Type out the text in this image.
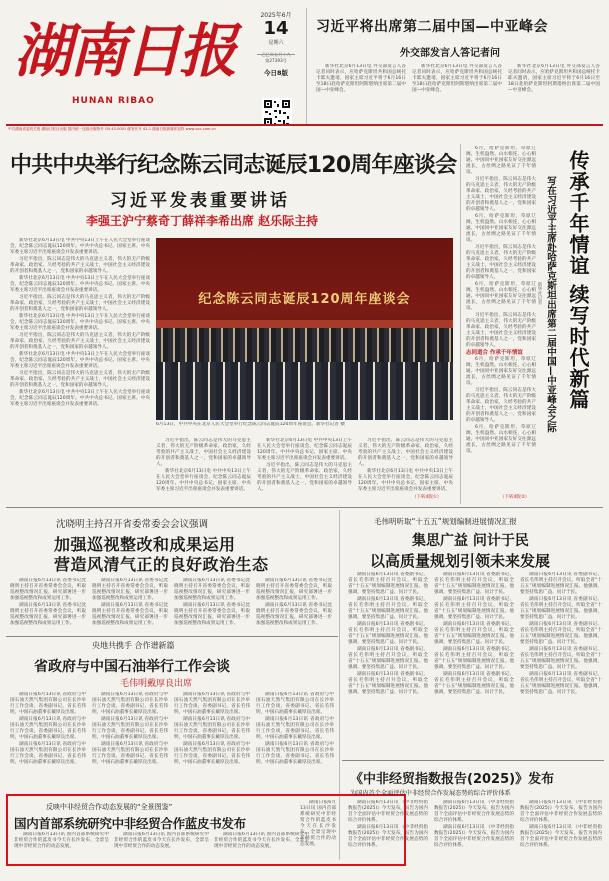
湖南日报
HUNAN RIBAO
2025年6月
14
星期六
第27393号
今日8版
习近平将出席第二届中国—中亚峰会
外交部发言人答记者问

新华社北京6月13日电 外交部发言人答记者问时表示，应哈萨克斯坦共和国总统托卡耶夫邀请，国家主席习近平将于6月16日至18日赴哈萨克斯坦阿斯塔纳出席第二届中国—中亚峰会。

新华社北京6月13日电 外交部发言人答记者问时表示，应哈萨克斯坦共和国总统托卡耶夫邀请，国家主席习近平将于6月16日至18日赴哈萨克斯坦阿斯塔纳出席第二届中国—中亚峰会。

新华社北京6月13日电 外交部发言人答记者问时表示，应哈萨克斯坦共和国总统托卡耶夫邀请，国家主席习近平将于6月16日至18日赴哈萨克斯坦阿斯塔纳出席第二届中国—中亚峰会。

中共湖南省委机关报 湖南日报社出版 国内统一连续出版物号 CN 43-0001 邮发代号 41-1 湖南日报新媒体矩阵 www.voc.com.cn
中共中央举行纪念陈云同志诞辰120周年座谈会
习近平发表重要讲话
李强王沪宁蔡奇丁薛祥李希出席 赵乐际主持

新华社北京6月13日电 中共中央13日上午在人民大会堂举行座谈会，纪念陈云同志诞辰120周年。中共中央总书记、国家主席、中央军委主席习近平出席座谈会并发表重要讲话。

习近平指出，陈云同志是伟大的马克思主义者，伟大的无产阶级革命家、政治家，久经考验的共产主义战士，中国社会主义经济建设的开创者和奠基人之一，党和国家的卓越领导人。

新华社北京6月13日电 中共中央13日上午在人民大会堂举行座谈会，纪念陈云同志诞辰120周年。中共中央总书记、国家主席、中央军委主席习近平出席座谈会并发表重要讲话。

习近平指出，陈云同志是伟大的马克思主义者，伟大的无产阶级革命家、政治家，久经考验的共产主义战士，中国社会主义经济建设的开创者和奠基人之一，党和国家的卓越领导人。

新华社北京6月13日电 中共中央13日上午在人民大会堂举行座谈会，纪念陈云同志诞辰120周年。中共中央总书记、国家主席、中央军委主席习近平出席座谈会并发表重要讲话。

习近平指出，陈云同志是伟大的马克思主义者，伟大的无产阶级革命家、政治家，久经考验的共产主义战士，中国社会主义经济建设的开创者和奠基人之一，党和国家的卓越领导人。

新华社北京6月13日电 中共中央13日上午在人民大会堂举行座谈会，纪念陈云同志诞辰120周年。中共中央总书记、国家主席、中央军委主席习近平出席座谈会并发表重要讲话。

习近平指出，陈云同志是伟大的马克思主义者，伟大的无产阶级革命家、政治家，久经考验的共产主义战士，中国社会主义经济建设的开创者和奠基人之一，党和国家的卓越领导人。

新华社北京6月13日电 中共中央13日上午在人民大会堂举行座谈会，纪念陈云同志诞辰120周年。中共中央总书记、国家主席、中央军委主席习近平出席座谈会并发表重要讲话。

纪念陈云同志诞辰120周年座谈会
6月13日，中共中央在北京人民大会堂举行纪念陈云同志诞辰120周年座谈会。新华社记者 摄

习近平指出，陈云同志是伟大的马克思主义者，伟大的无产阶级革命家、政治家，久经考验的共产主义战士，中国社会主义经济建设的开创者和奠基人之一，党和国家的卓越领导人。

新华社北京6月13日电 中共中央13日上午在人民大会堂举行座谈会，纪念陈云同志诞辰120周年。中共中央总书记、国家主席、中央军委主席习近平出席座谈会并发表重要讲话。

新华社北京6月13日电 中共中央13日上午在人民大会堂举行座谈会，纪念陈云同志诞辰120周年。中共中央总书记、国家主席、中央军委主席习近平出席座谈会并发表重要讲话。

习近平指出，陈云同志是伟大的马克思主义者，伟大的无产阶级革命家、政治家，久经考验的共产主义战士，中国社会主义经济建设的开创者和奠基人之一，党和国家的卓越领导人。

习近平指出，陈云同志是伟大的马克思主义者，伟大的无产阶级革命家、政治家，久经考验的共产主义战士，中国社会主义经济建设的开创者和奠基人之一，党和国家的卓越领导人。

新华社北京6月13日电 中共中央13日上午在人民大会堂举行座谈会，纪念陈云同志诞辰120周年。中共中央总书记、国家主席、中央军委主席习近平出席座谈会并发表重要讲话。

（下转4版①）

6月，哈萨克斯坦，草原辽阔，生机盎然。山水相连，心心相通。中国同中亚国家友好交往源远流长，古丝绸之路见证了千年情谊。

习近平指出，陈云同志是伟大的马克思主义者，伟大的无产阶级革命家、政治家，久经考验的共产主义战士，中国社会主义经济建设的开创者和奠基人之一，党和国家的卓越领导人。

6月，哈萨克斯坦，草原辽阔，生机盎然。山水相连，心心相通。中国同中亚国家友好交往源远流长，古丝绸之路见证了千年情谊。

习近平指出，陈云同志是伟大的马克思主义者，伟大的无产阶级革命家、政治家，久经考验的共产主义战士，中国社会主义经济建设的开创者和奠基人之一，党和国家的卓越领导人。

6月，哈萨克斯坦，草原辽阔，生机盎然。山水相连，心心相通。中国同中亚国家友好交往源远流长，古丝绸之路见证了千年情谊。

习近平指出，陈云同志是伟大的马克思主义者，伟大的无产阶级革命家、政治家，久经考验的共产主义战士，中国社会主义经济建设的开创者和奠基人之一，党和国家的卓越领导人。

志同道合 作承千年情谊

6月，哈萨克斯坦，草原辽阔，生机盎然。山水相连，心心相通。中国同中亚国家友好交往源远流长，古丝绸之路见证了千年情谊。

习近平指出，陈云同志是伟大的马克思主义者，伟大的无产阶级革命家、政治家，久经考验的共产主义战士，中国社会主义经济建设的开创者和奠基人之一，党和国家的卓越领导人。

6月，哈萨克斯坦，草原辽阔，生机盎然。山水相连，心心相通。中国同中亚国家友好交往源远流长，古丝绸之路见证了千年情谊。

（下转4版②）
传承千年情谊 续写时代新篇
写在习近平主席赴哈萨克斯坦出席第二届中国—中亚峰会之际
新华社记者
沈晓明主持召开省委常委会会议强调
加强巡视整改和成果运用
营造风清气正的良好政治生态

湖南日报6月13日讯 省委书记沈晓明主持召开省委常委会会议，听取巡视整改情况汇报，研究部署进一步加强巡视整改和成果运用工作。

湖南日报6月13日讯 省委书记沈晓明主持召开省委常委会会议，听取巡视整改情况汇报，研究部署进一步加强巡视整改和成果运用工作。

湖南日报6月13日讯 省委书记沈晓明主持召开省委常委会会议，听取巡视整改情况汇报，研究部署进一步加强巡视整改和成果运用工作。

湖南日报6月13日讯 省委书记沈晓明主持召开省委常委会会议，听取巡视整改情况汇报，研究部署进一步加强巡视整改和成果运用工作。

湖南日报6月13日讯 省委书记沈晓明主持召开省委常委会会议，听取巡视整改情况汇报，研究部署进一步加强巡视整改和成果运用工作。

湖南日报6月13日讯 省委书记沈晓明主持召开省委常委会会议，听取巡视整改情况汇报，研究部署进一步加强巡视整改和成果运用工作。

湖南日报6月13日讯 省委书记沈晓明主持召开省委常委会会议，听取巡视整改情况汇报，研究部署进一步加强巡视整改和成果运用工作。

湖南日报6月13日讯 省委书记沈晓明主持召开省委常委会会议，听取巡视整改情况汇报，研究部署进一步加强巡视整改和成果运用工作。

毛伟明听取“十五五”规划编制进展情况汇报
集思广益 问计于民
以高质量规划引领未来发展

湖南日报6月13日讯 省委副书记、省长毛伟明主持召开会议，听取全省“十五五”规划编制进展情况汇报。他强调，要坚持集思广益、问计于民。

湖南日报6月13日讯 省委副书记、省长毛伟明主持召开会议，听取全省“十五五”规划编制进展情况汇报。他强调，要坚持集思广益、问计于民。

湖南日报6月13日讯 省委副书记、省长毛伟明主持召开会议，听取全省“十五五”规划编制进展情况汇报。他强调，要坚持集思广益、问计于民。

湖南日报6月13日讯 省委副书记、省长毛伟明主持召开会议，听取全省“十五五”规划编制进展情况汇报。他强调，要坚持集思广益、问计于民。

湖南日报6月13日讯 省委副书记、省长毛伟明主持召开会议，听取全省“十五五”规划编制进展情况汇报。他强调，要坚持集思广益、问计于民。

湖南日报6月13日讯 省委副书记、省长毛伟明主持召开会议，听取全省“十五五”规划编制进展情况汇报。他强调，要坚持集思广益、问计于民。

湖南日报6月13日讯 省委副书记、省长毛伟明主持召开会议，听取全省“十五五”规划编制进展情况汇报。他强调，要坚持集思广益、问计于民。

湖南日报6月13日讯 省委副书记、省长毛伟明主持召开会议，听取全省“十五五”规划编制进展情况汇报。他强调，要坚持集思广益、问计于民。

湖南日报6月13日讯 省委副书记、省长毛伟明主持召开会议，听取全省“十五五”规划编制进展情况汇报。他强调，要坚持集思广益、问计于民。

湖南日报6月13日讯 省委副书记、省长毛伟明主持召开会议，听取全省“十五五”规划编制进展情况汇报。他强调，要坚持集思广益、问计于民。

湖南日报6月13日讯 省委副书记、省长毛伟明主持召开会议，听取全省“十五五”规划编制进展情况汇报。他强调，要坚持集思广益、问计于民。

湖南日报6月13日讯 省委副书记、省长毛伟明主持召开会议，听取全省“十五五”规划编制进展情况汇报。他强调，要坚持集思广益、问计于民。

湖南日报6月13日讯 省委副书记、省长毛伟明主持召开会议，听取全省“十五五”规划编制进展情况汇报。他强调，要坚持集思广益、问计于民。

湖南日报6月13日讯 省委副书记、省长毛伟明主持召开会议，听取全省“十五五”规划编制进展情况汇报。他强调，要坚持集思广益、问计于民。

湖南日报6月13日讯 省委副书记、省长毛伟明主持召开会议，听取全省“十五五”规划编制进展情况汇报。他强调，要坚持集思广益、问计于民。

央地共携手 合作谱新篇
省政府与中国石油举行工作会谈
毛伟明戴厚良出席

湖南日报6月13日讯 省政府与中国石油天然气集团有限公司在长沙举行工作会谈，省委副书记、省长毛伟明，中国石油董事长戴厚良出席。

湖南日报6月13日讯 省政府与中国石油天然气集团有限公司在长沙举行工作会谈，省委副书记、省长毛伟明，中国石油董事长戴厚良出席。

湖南日报6月13日讯 省政府与中国石油天然气集团有限公司在长沙举行工作会谈，省委副书记、省长毛伟明，中国石油董事长戴厚良出席。

湖南日报6月13日讯 省政府与中国石油天然气集团有限公司在长沙举行工作会谈，省委副书记、省长毛伟明，中国石油董事长戴厚良出席。

湖南日报6月13日讯 省政府与中国石油天然气集团有限公司在长沙举行工作会谈，省委副书记、省长毛伟明，中国石油董事长戴厚良出席。

湖南日报6月13日讯 省政府与中国石油天然气集团有限公司在长沙举行工作会谈，省委副书记、省长毛伟明，中国石油董事长戴厚良出席。

湖南日报6月13日讯 省政府与中国石油天然气集团有限公司在长沙举行工作会谈，省委副书记、省长毛伟明，中国石油董事长戴厚良出席。

湖南日报6月13日讯 省政府与中国石油天然气集团有限公司在长沙举行工作会谈，省委副书记、省长毛伟明，中国石油董事长戴厚良出席。

湖南日报6月13日讯 省政府与中国石油天然气集团有限公司在长沙举行工作会谈，省委副书记、省长毛伟明，中国石油董事长戴厚良出席。

湖南日报6月13日讯 省政府与中国石油天然气集团有限公司在长沙举行工作会谈，省委副书记、省长毛伟明，中国石油董事长戴厚良出席。

湖南日报6月13日讯 省政府与中国石油天然气集团有限公司在长沙举行工作会谈，省委副书记、省长毛伟明，中国石油董事长戴厚良出席。

湖南日报6月13日讯 省政府与中国石油天然气集团有限公司在长沙举行工作会谈，省委副书记、省长毛伟明，中国石油董事长戴厚良出席。

反映中非经贸合作动态发展的“全景图鉴”
国内首部系统研究中非经贸合作蓝皮书发布

湖南日报6月13日讯 国内首部系统研究中非经贸合作的蓝皮书今天在长沙发布，全景呈现中非经贸合作的动态发展。

湖南日报6月13日讯 国内首部系统研究中非经贸合作的蓝皮书今天在长沙发布，全景呈现中非经贸合作的动态发展。

湖南日报6月13日讯 国内首部系统研究中非经贸合作的蓝皮书今天在长沙发布，全景呈现中非经贸合作的动态发展。

湖南日报6月13日讯 国内首部系统研究中非经贸合作的蓝皮书今天在长沙发布，全景呈现中非经贸合作的动态发展。

《中非经贸指数报告(2025)》发布
为国内首个全面评估中非经贸合作发展态势的综合评价体系

湖南日报6月13日讯 《中非经贸指数报告(2025)》今天发布，报告为国内首个全面评估中非经贸合作发展态势的综合评价体系。

湖南日报6月13日讯 《中非经贸指数报告(2025)》今天发布，报告为国内首个全面评估中非经贸合作发展态势的综合评价体系。

湖南日报6月13日讯 《中非经贸指数报告(2025)》今天发布，报告为国内首个全面评估中非经贸合作发展态势的综合评价体系。

湖南日报6月13日讯 《中非经贸指数报告(2025)》今天发布，报告为国内首个全面评估中非经贸合作发展态势的综合评价体系。

湖南日报6月13日讯 《中非经贸指数报告(2025)》今天发布，报告为国内首个全面评估中非经贸合作发展态势的综合评价体系。

湖南日报6月13日讯 《中非经贸指数报告(2025)》今天发布，报告为国内首个全面评估中非经贸合作发展态势的综合评价体系。
